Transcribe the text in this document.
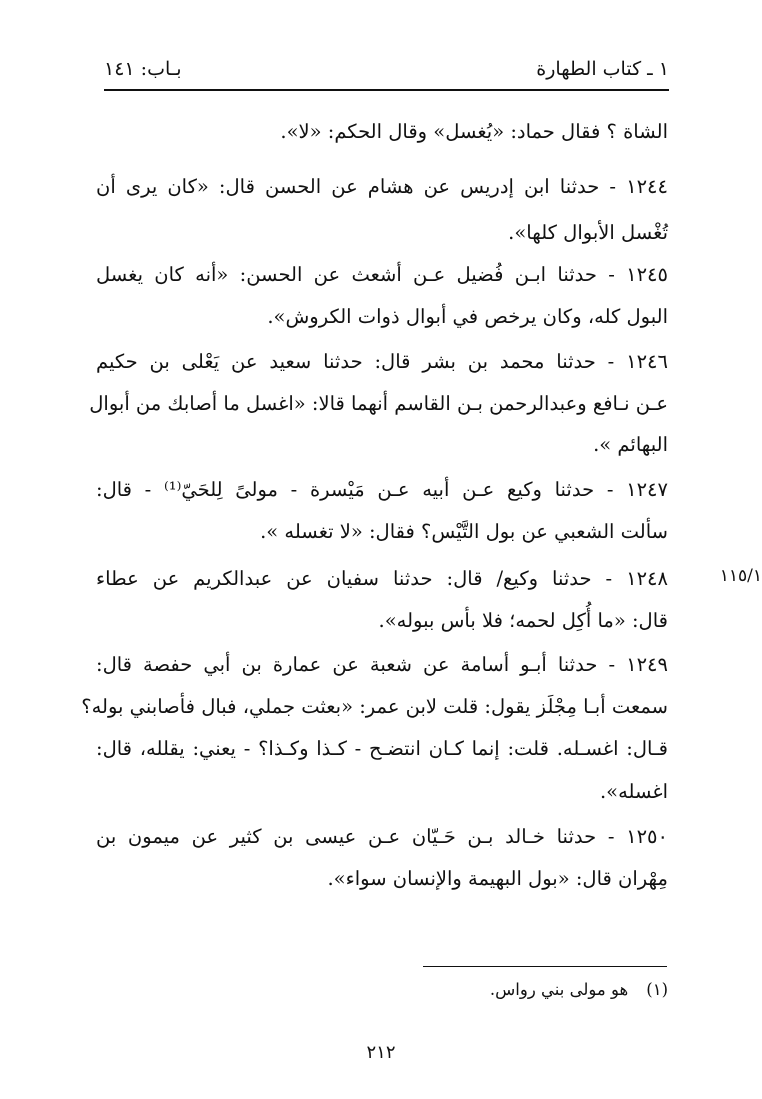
١ ـ كتاب الطهارة
بـاب: ١٤١
الشاة ؟ فقال حماد: «يُغسل» وقال الحكم: «لا».
١٢٤٤ - حدثنا ابن إدريس عن هشام عن الحسن قال: «كان يرى أن
تُغْسل الأبوال كلها».
١٢٤٥ - حدثنا ابـن فُضيل عـن أشعث عن الحسن: «أنه كان يغسل
البول كله، وكان يرخص في أبوال ذوات الكروش».
١٢٤٦ - حدثنا محمد بن بشر قال: حدثنا سعيد عن يَعْلى بن حكيم
عـن نـافع وعبدالرحمن بـن القاسم أنهما قالا: «اغسل ما أصابك من أبوال
البهائم ».
١٢٤٧ - حدثنا وكيع عـن أبيه عـن مَيْسرة - مولىً لِلحَيّ⁽¹⁾ - قال:
سألت الشعبي عن بول التَّيْس؟ فقال: «لا تغسله ».
١١٥/١
١٢٤٨ - حدثنا وكيع/ قال: حدثنا سفيان عن عبدالكريم عن عطاء
قال: «ما أُكِل لحمه؛ فلا بأس ببوله».
١٢٤٩ - حدثنا أبـو أسامة عن شعبة عن عمارة بن أبي حفصة قال:
سمعت أبـا مِجْلَز يقول: قلت لابن عمر: «بعثت جملي، فبال فأصابني بوله؟
قـال: اغسـله. قلت: إنما كـان انتضـح - كـذا وكـذا؟ - يعني: يقلله، قال:
اغسله».
١٢٥٠ - حدثنا خـالد بـن حَـيّان عـن عيسى بن كثير عن ميمون بن
مِهْران قال: «بول البهيمة والإنسان سواء».
(١)هو مولى بني رواس.
٢١٢
